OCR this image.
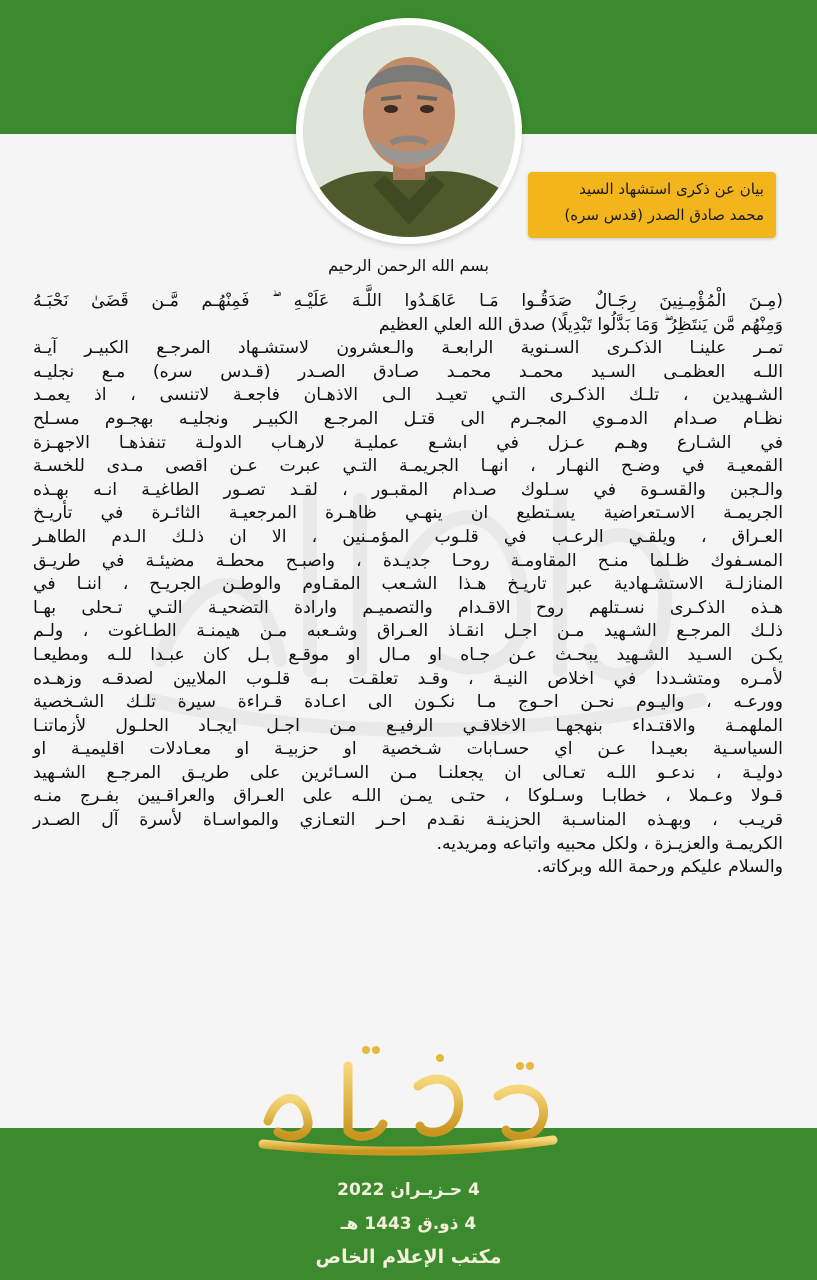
بيان عن ذكرى استشهاد السيد
محمد صادق الصدر (قدس سره)
بسم الله الرحمن الرحيم
(مِـنَ الْمُؤْمِـنِينَ رِجَـالٌ صَدَقُـوا مَـا عَاهَـدُوا اللَّـهَ عَلَيْـهِ ۖ فَمِنْهُـم مَّـن قَضَىٰ نَحْبَـهُ
وَمِنْهُم مَّن يَنتَظِرُ ۖ وَمَا بَدَّلُوا تَبْدِيلًا) صدق الله العلي العظيم
تمـر علينـا الذكـرى السـنوية الرابعـة والـعشرون لاستشـهاد المرجـع الكبيـر آيـة
اللـه العظمـى السـيد محمـد محمـد صـادق الصـدر (قـدس سره) مـع نجليـه
الشـهيدين ، تلـك الذكـرى التـي تعيـد الـى الاذهـان فاجعـة لاتنسى ، اذ يعمـد
نظـام صـدام الدمـوي المجـرم الى قتـل المرجـع الكبيـر ونجليـه بهجـوم مسـلح
في الشـارع وهـم عـزل في ابشـع عمليـة لارهـاب الدولـة تنفذهـا الاجهـزة
القمعيـة في وضـح النهـار ، انهـا الجريمـة التـي عبرت عـن اقصى مـدى للخسـة
والـجبن والقسـوة في سـلوك صـدام المقبـور ، لقـد تصـور الطاغيـة انـه بهـذه
الجريمـة الاسـتعراضية يسـتطيع ان ينهـي ظاهـرة المرجعيـة الثائـرة في تأريـخ
العـراق ، ويلقـي الرعـب في قلـوب المؤمـنين ، الا ان ذلـك الـدم الطاهـر
المسـفوك ظـلما منـح المقاومـة روحـا جديـدة ، واصبـح محطـة مضيئـة في طريـق
المنازلـة الاستشـهادية عبر تاريـخ هـذا الشـعب المقـاوم والوطـن الجريـح ، اننـا في
هـذه الذكـرى نسـتلهم روح الاقـدام والتصميـم وارادة التضحيـة التـي تـحلى بهـا
ذلـك المرجـع الشـهيد مـن اجـل انقـاذ العـراق وشـعبه مـن هيمنـة الطـاغوت ، ولـم
يكـن السـيد الشـهيد يبحـث عـن جـاه او مـال او موقـع بـل كان عبـدا للـه ومطيعـا
لأمـره ومتشـددا في اخلاص النيـة ، وقـد تعلقـت بـه قلـوب الملايين لصدقـه وزهـده
وورعـه ، واليـوم نحـن احـوج مـا نكـون الى اعـادة قـراءة سيرة تلـك الشـخصية
الملهمـة والاقتـداء بنهجهـا الاخلاقـي الرفيـع مـن اجـل ايجـاد الحلـول لأزماتنـا
السياسـية بعيـدا عـن اي حسـابات شـخصية او حزبيـة او معـادلات اقليميـة او
دوليـة ، ندعـو اللـه تعـالى ان يجعلنـا مـن السـائرين على طريـق المرجـع الشـهيد
قـولا وعـملا ، خطابـا وسـلوكا ، حتـى يمـن اللـه على العـراق والعراقـيين بفـرج منـه
قريـب ، وبهـذه المناسـبة الحزينـة نقـدم احـر التعـازي والمواسـاة لأسرة آل الصـدر
الكريمـة والعزيـزة ، ولكل محبيه واتباعه ومريديه.
والسلام عليكم ورحمة الله وبركاته.
4 حـزيـران 2022
4 ذو.ق 1443 هـ
مكتب الإعلام الخاص
